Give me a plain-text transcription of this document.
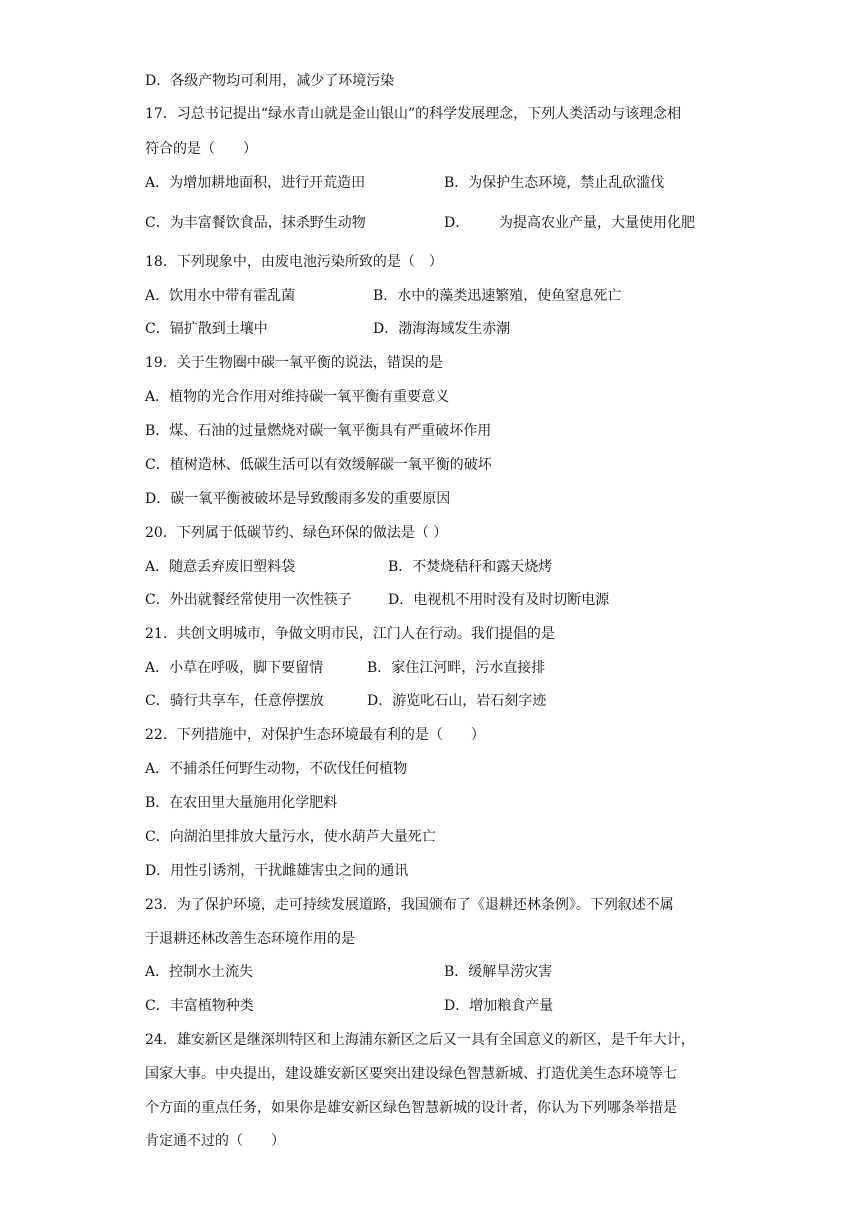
D．各级产物均可利用，减少了环境污染
17．习总书记提出“绿水青山就是金山银山”的科学发展理念，下列人类活动与该理念相
符合的是（　　）
A．为增加耕地面积，进行开荒造田	B．为保护生态环境，禁止乱砍滥伐
C．为丰富餐饮食品，抹杀野生动物	D． 为提高农业产量，大量使用化肥
18．下列现象中，由废电池污染所致的是（　）
A．饮用水中带有霍乱菌	B．水中的藻类迅速繁殖，使鱼窒息死亡
C．镉扩散到土壤中	D．渤海海域发生赤潮
19．关于生物圈中碳一氧平衡的说法，错误的是
A．植物的光合作用对维持碳一氧平衡有重要意义
B．煤、石油的过量燃烧对碳一氧平衡具有严重破坏作用
C．植树造林、低碳生活可以有效缓解碳一氧平衡的破坏
D．碳一氧平衡被破坏是导致酸雨多发的重要原因
20．下列属于低碳节约、绿色环保的做法是（ ）
A．随意丢弃废旧塑料袋	B．不焚烧秸秆和露天烧烤
C．外出就餐经常使用一次性筷子	D．电视机不用时没有及时切断电源
21．共创文明城市，争做文明市民，江门人在行动。我们提倡的是
A．小草在呼吸，脚下要留情	B．家住江河畔，污水直接排
C．骑行共享车，任意停摆放	D．游览叱石山，岩石刻字迹
22．下列措施中，对保护生态环境最有利的是（　　）
A．不捕杀任何野生动物，不砍伐任何植物
B．在农田里大量施用化学肥料
C．向湖泊里排放大量污水，使水葫芦大量死亡
D．用性引诱剂，干扰雌雄害虫之间的通讯
23．为了保护环境，走可持续发展道路，我国颁布了《退耕还林条例》。下列叙述不属
于退耕还林改善生态环境作用的是
A．控制水土流失	B．缓解旱涝灾害
C．丰富植物种类	D．增加粮食产量
24．雄安新区是继深圳特区和上海浦东新区之后又一具有全国意义的新区，是千年大计，
国家大事。中央提出，建设雄安新区要突出建设绿色智慧新城、打造优美生态环境等七
个方面的重点任务，如果你是雄安新区绿色智慧新城的设计者，你认为下列哪条举措是
肯定通不过的（　　）
